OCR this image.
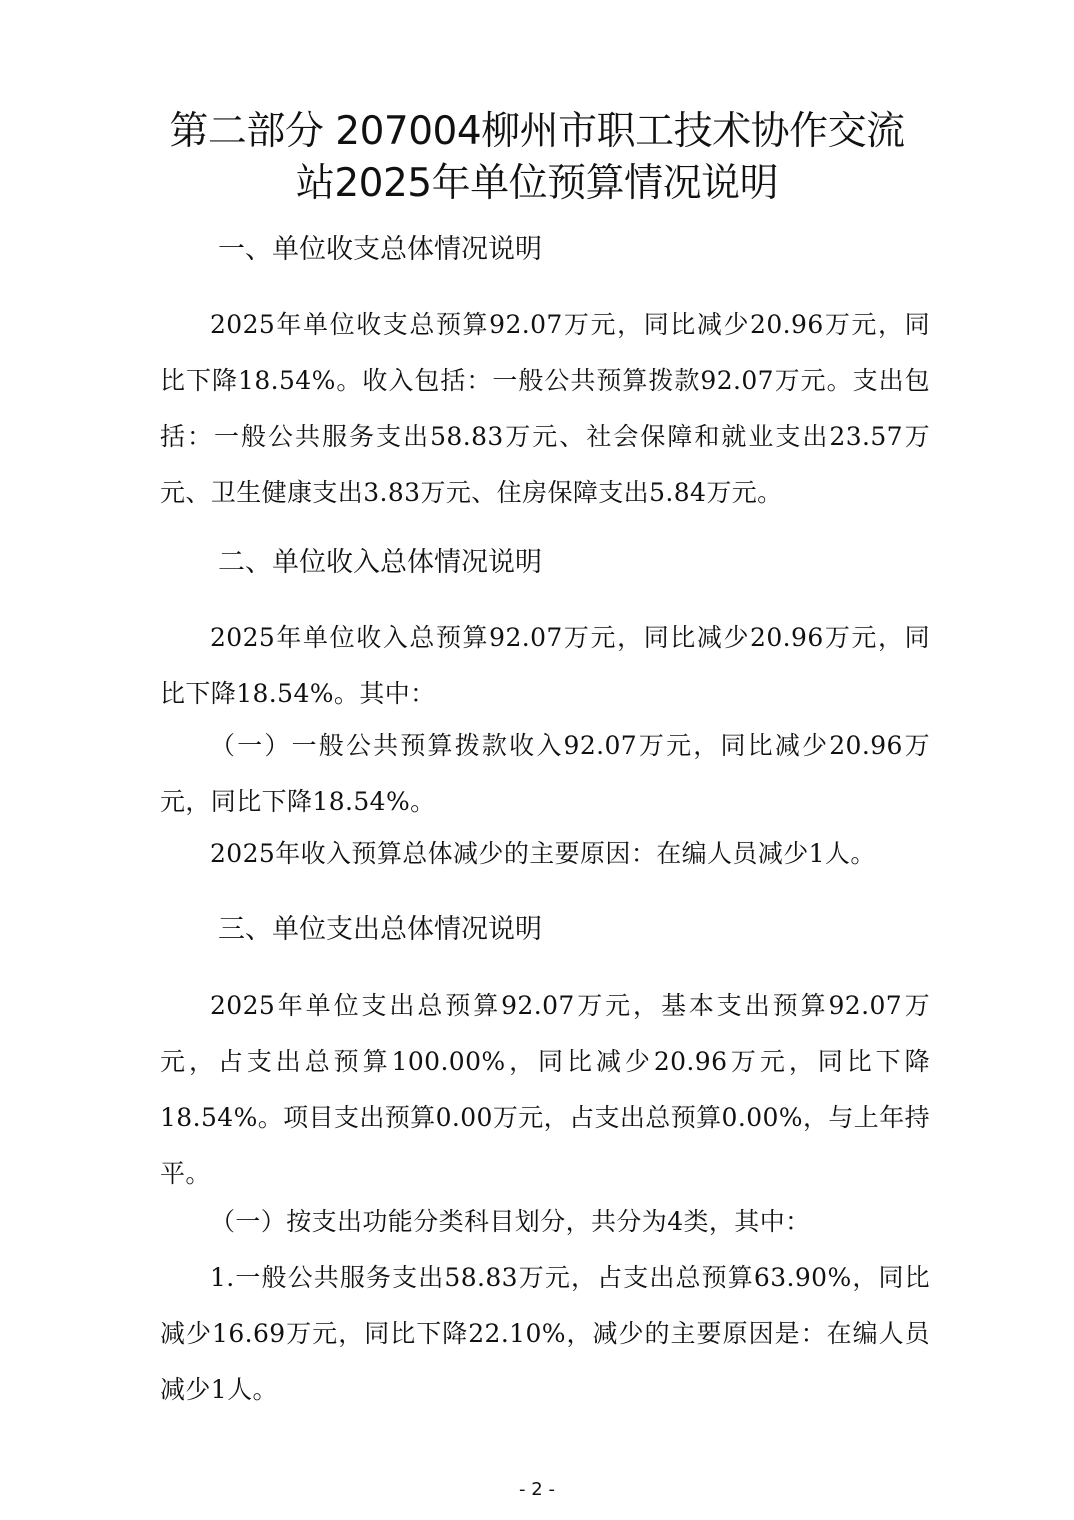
第二部分 207004柳州市职工技术协作交流
站2025年单位预算情况说明
一、单位收支总体情况说明

2025年单位收支总预算92.07万元，同比减少20.96万元，同比下降18.54%。收入包括：一般公共预算拨款92.07万元。支出包括：一般公共服务支出58.83万元、社会保障和就业支出23.57万元、卫生健康支出3.83万元、住房保障支出5.84万元。

二、单位收入总体情况说明

2025年单位收入总预算92.07万元，同比减少20.96万元，同比下降18.54%。其中：

（一）一般公共预算拨款收入92.07万元，同比减少20.96万元，同比下降18.54%。

2025年收入预算总体减少的主要原因：在编人员减少1人。

三、单位支出总体情况说明

2025年单位支出总预算92.07万元，基本支出预算92.07万元，占支出总预算100.00%，同比减少20.96万元，同比下降18.54%。项目支出预算0.00万元，占支出总预算0.00%，与上年持平。

（一）按支出功能分类科目划分，共分为4类，其中：

1.一般公共服务支出58.83万元，占支出总预算63.90%，同比减少16.69万元，同比下降22.10%，减少的主要原因是：在编人员减少1人。

- 2 -
